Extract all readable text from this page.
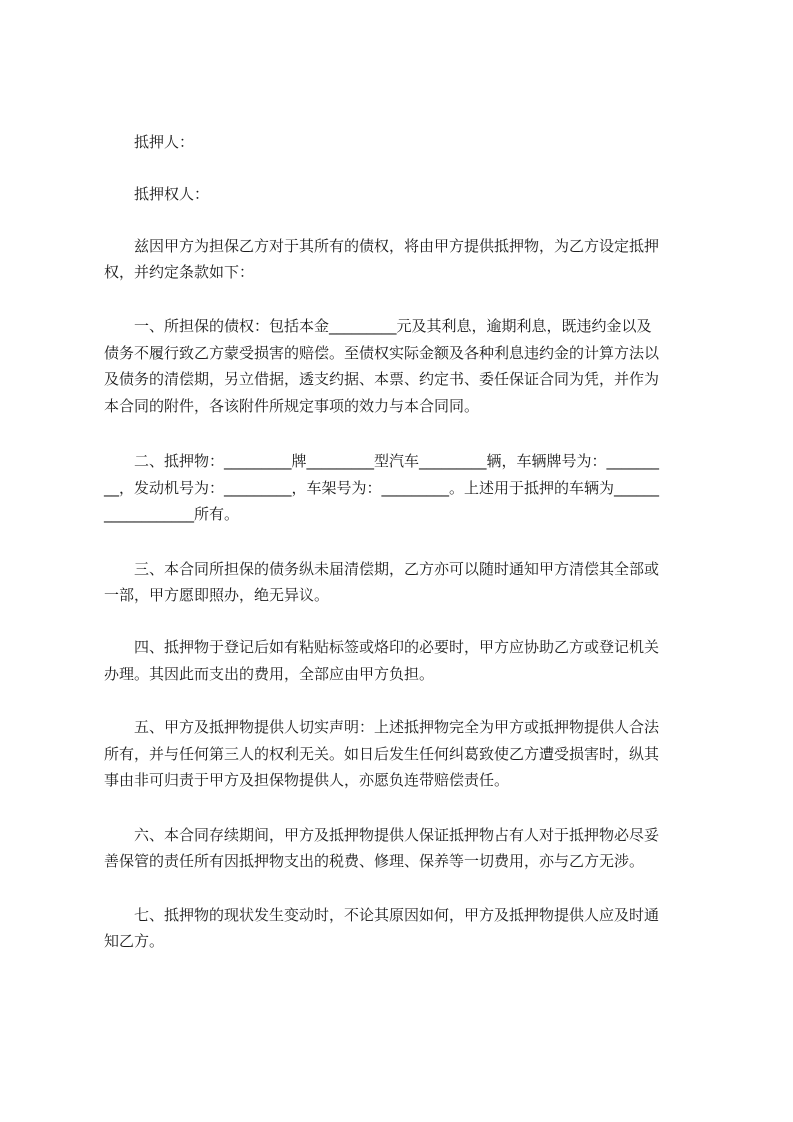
　　抵押人：
　　抵押权人：
　　兹因甲方为担保乙方对于其所有的债权，将由甲方提供抵押物，为乙方设定抵押
权，并约定条款如下：
　　一、所担保的债权：包括本金_________元及其利息，逾期利息，既违约金以及
债务不履行致乙方蒙受损害的赔偿。至债权实际金额及各种利息违约金的计算方法以
及债务的清偿期，另立借据，透支约据、本票、约定书、委任保证合同为凭，并作为
本合同的附件，各该附件所规定事项的效力与本合同同。
　　二、抵押物：_________牌_________型汽车_________辆，车辆牌号为：_______
__，发动机号为：_________，车架号为：_________。上述用于抵押的车辆为______
____________所有。
　　三、本合同所担保的债务纵未届清偿期，乙方亦可以随时通知甲方清偿其全部或
一部，甲方愿即照办，绝无异议。
　　四、抵押物于登记后如有粘贴标签或烙印的必要时，甲方应协助乙方或登记机关
办理。其因此而支出的费用，全部应由甲方负担。
　　五、甲方及抵押物提供人切实声明：上述抵押物完全为甲方或抵押物提供人合法
所有，并与任何第三人的权利无关。如日后发生任何纠葛致使乙方遭受损害时，纵其
事由非可归责于甲方及担保物提供人，亦愿负连带赔偿责任。
　　六、本合同存续期间，甲方及抵押物提供人保证抵押物占有人对于抵押物必尽妥
善保管的责任所有因抵押物支出的税费、修理、保养等一切费用，亦与乙方无涉。
　　七、抵押物的现状发生变动时，不论其原因如何，甲方及抵押物提供人应及时通
知乙方。
